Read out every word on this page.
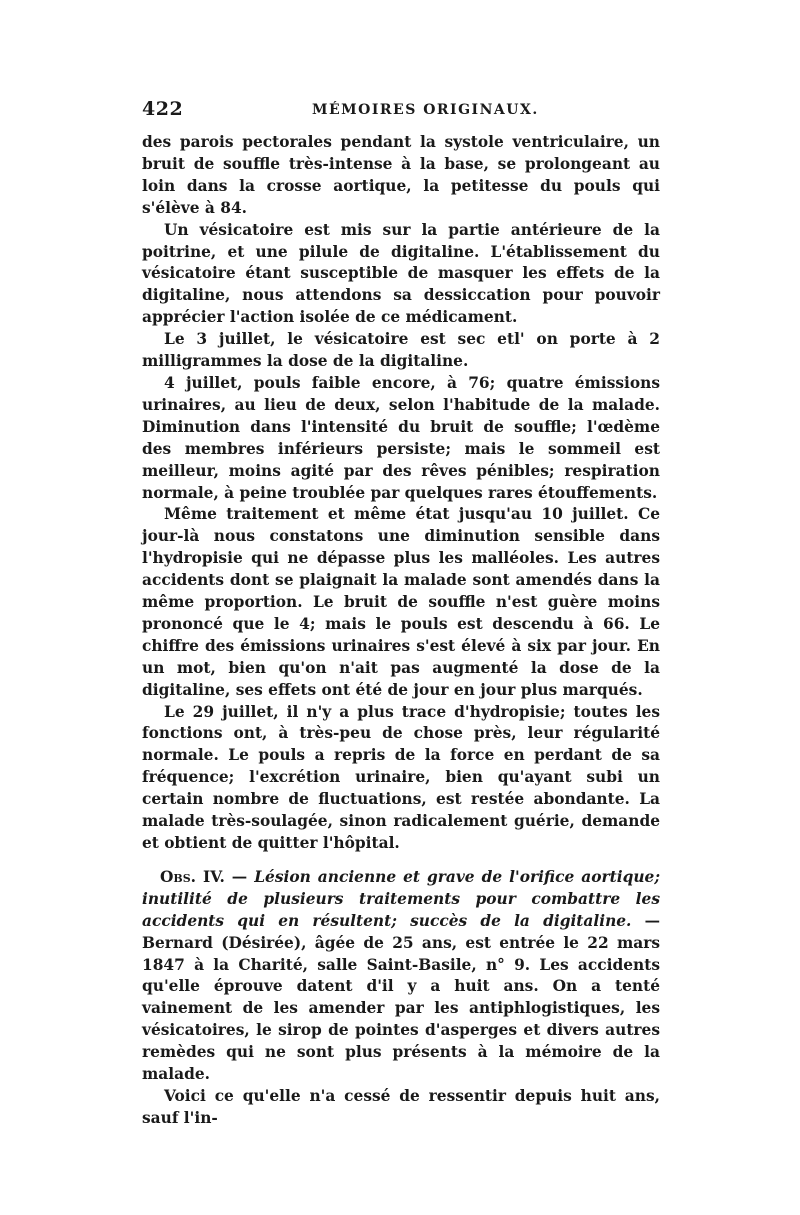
422	MÉMOIRES ORIGINAUX.

des parois pectorales pendant la systole ventriculaire, un bruit de souffle très-intense à la base, se prolongeant au loin dans la crosse aortique, la petitesse du pouls qui s'élève à 84.

Un vésicatoire est mis sur la partie antérieure de la poitrine, et une pilule de digitaline. L'établissement du vésicatoire étant susceptible de masquer les effets de la digitaline, nous attendons sa dessiccation pour pouvoir apprécier l'action isolée de ce médicament.

Le 3 juillet, le vésicatoire est sec etl' on porte à 2 milligrammes la dose de la digitaline.

4 juillet, pouls faible encore, à 76; quatre émissions urinaires, au lieu de deux, selon l'habitude de la malade. Diminution dans l'intensité du bruit de souffle; l'œdème des membres inférieurs persiste; mais le sommeil est meilleur, moins agité par des rêves pénibles; respiration normale, à peine troublée par quelques rares étouffements.

Même traitement et même état jusqu'au 10 juillet. Ce jour-là nous constatons une diminution sensible dans l'hydropisie qui ne dépasse plus les malléoles. Les autres accidents dont se plaignait la malade sont amendés dans la même proportion. Le bruit de souffle n'est guère moins prononcé que le 4; mais le pouls est descendu à 66. Le chiffre des émissions urinaires s'est élevé à six par jour. En un mot, bien qu'on n'ait pas augmenté la dose de la digitaline, ses effets ont été de jour en jour plus marqués.

Le 29 juillet, il n'y a plus trace d'hydropisie; toutes les fonctions ont, à très-peu de chose près, leur régularité normale. Le pouls a repris de la force en perdant de sa fréquence; l'excrétion urinaire, bien qu'ayant subi un certain nombre de fluctuations, est restée abondante. La malade très-soulagée, sinon radicalement guérie, demande et obtient de quitter l'hôpital.

Obs. IV. — Lésion ancienne et grave de l'orifice aortique; inutilité de plusieurs traitements pour combattre les accidents qui en résultent; succès de la digitaline. — Bernard (Désirée), âgée de 25 ans, est entrée le 22 mars 1847 à la Charité, salle Saint-Basile, n° 9. Les accidents qu'elle éprouve datent d'il y a huit ans. On a tenté vainement de les amender par les antiphlogistiques, les vésicatoires, le sirop de pointes d'asperges et divers autres remèdes qui ne sont plus présents à la mémoire de la malade.

Voici ce qu'elle n'a cessé de ressentir depuis huit ans, sauf l'in-
